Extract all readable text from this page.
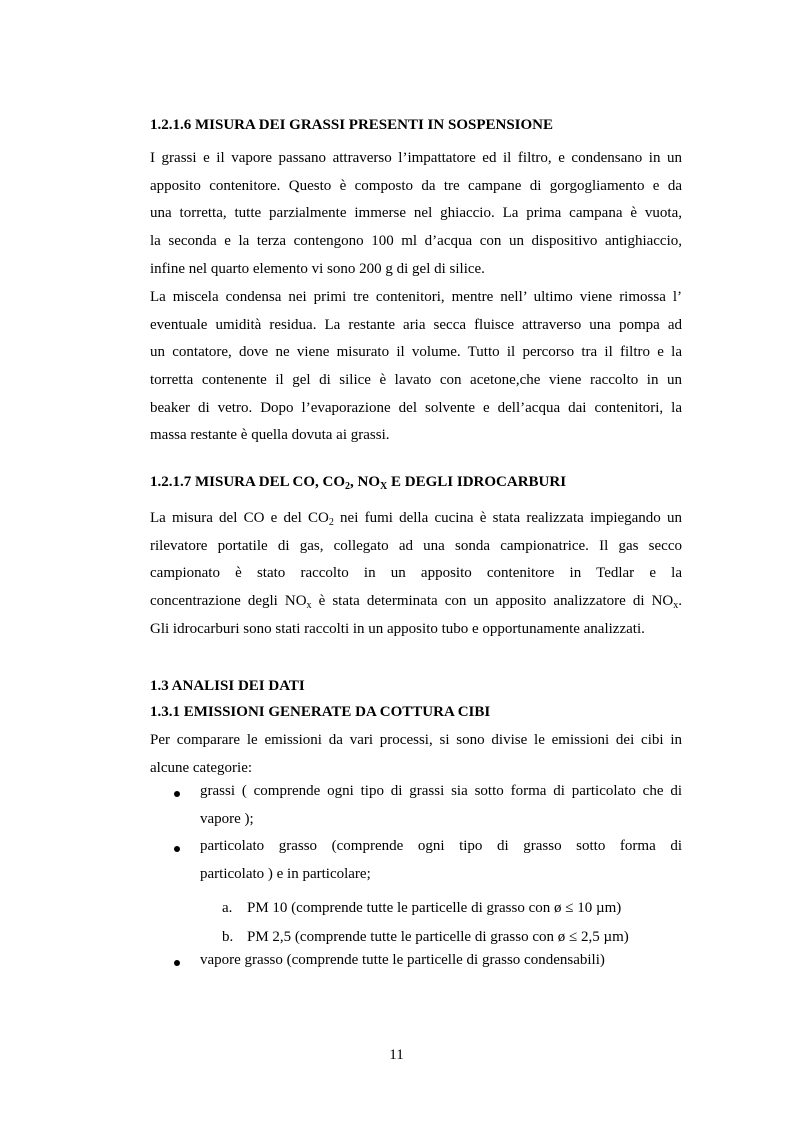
1.2.1.6 MISURA DEI GRASSI PRESENTI IN SOSPENSIONE
I grassi e il vapore passano attraverso l’impattatore ed il filtro, e condensano in un
apposito contenitore. Questo è composto da tre campane di gorgogliamento e da
una torretta, tutte parzialmente immerse nel ghiaccio. La prima campana è vuota,
la seconda e la terza contengono 100 ml d’acqua con un dispositivo antighiaccio,
infine nel quarto elemento vi sono 200 g di gel di silice.
La miscela condensa nei primi tre contenitori, mentre nell’ ultimo viene rimossa l’
eventuale umidità residua. La restante aria secca fluisce attraverso una pompa ad
un contatore, dove ne viene misurato il volume. Tutto il percorso tra il filtro e la
torretta contenente il gel di silice è lavato con acetone,che viene raccolto in un
beaker di vetro. Dopo l’evaporazione del solvente e dell’acqua dai contenitori, la
massa restante è quella dovuta ai grassi.
1.2.1.7 MISURA DEL CO, $CO_2$, $NO_X$ E DEGLI IDROCARBURI
La misura del CO e del $CO_2$ nei fumi della cucina è stata realizzata impiegando un
rilevatore portatile di gas, collegato ad una sonda campionatrice. Il gas secco
campionato è stato raccolto in un apposito contenitore in Tedlar e la
concentrazione degli $NO_x$ è stata determinata con un apposito analizzatore di $NO_x$.
Gli idrocarburi sono stati raccolti in un apposito tubo e opportunamente analizzati.
1.3 ANALISI DEI DATI
1.3.1 EMISSIONI GENERATE DA COTTURA CIBI
Per comparare le emissioni da vari processi, si sono divise le emissioni dei cibi in
alcune categorie:
grassi ( comprende ogni tipo di grassi sia sotto forma di particolato che di
vapore );
particolato grasso (comprende ogni tipo di grasso sotto forma di
particolato ) e in particolare;
a. PM 10 (comprende tutte le particelle di grasso con ø ≤ 10 µm)
b. PM 2,5 (comprende tutte le particelle di grasso con ø ≤ 2,5 µm)
vapore grasso (comprende tutte le particelle di grasso condensabili)
11
